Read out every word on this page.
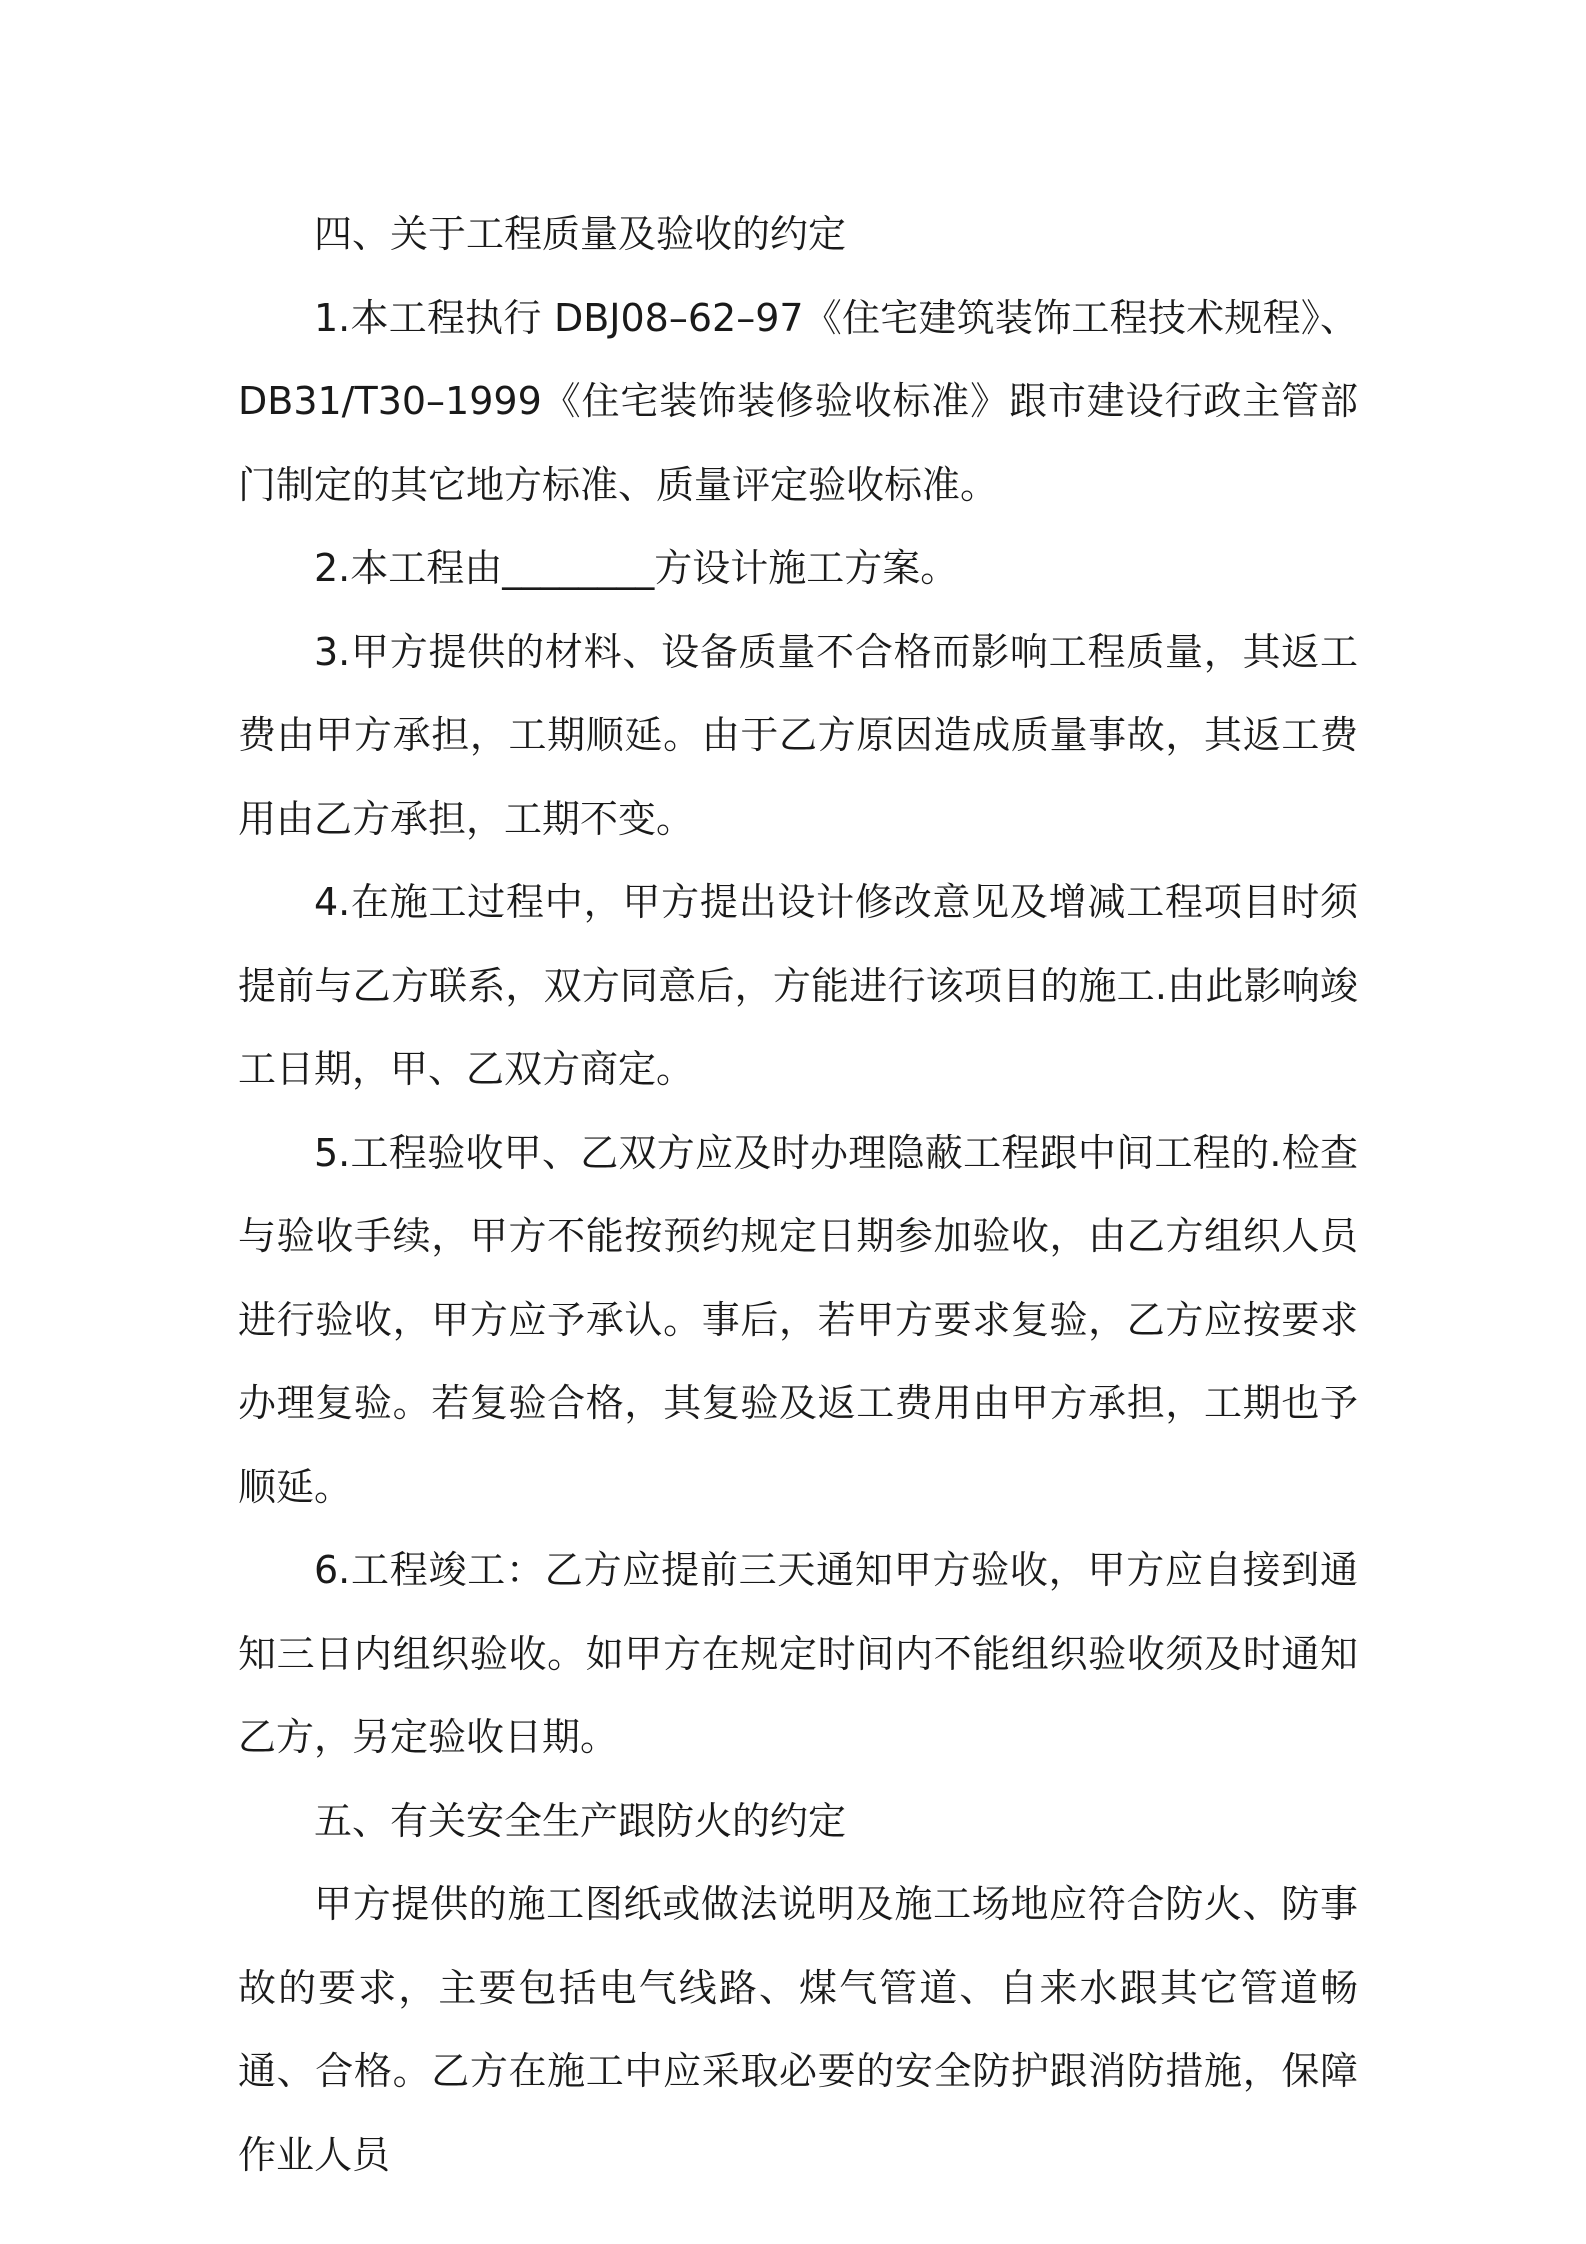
四、关于工程质量及验收的约定

1.本工程执行 DBJ08–62–97《住宅建筑装饰工程技术规程》、DB31/T30–1999《住宅装饰装修验收标准》跟市建设行政主管部门制定的其它地方标准、质量评定验收标准。

2.本工程由________方设计施工方案。

3.甲方提供的材料、设备质量不合格而影响工程质量，其返工费由甲方承担，工期顺延。由于乙方原因造成质量事故，其返工费用由乙方承担，工期不变。

4.在施工过程中，甲方提出设计修改意见及增减工程项目时须提前与乙方联系，双方同意后，方能进行该项目的施工.由此影响竣工日期，甲、乙双方商定。

5.工程验收甲、乙双方应及时办理隐蔽工程跟中间工程的.检查与验收手续，甲方不能按预约规定日期参加验收，由乙方组织人员进行验收，甲方应予承认。事后，若甲方要求复验，乙方应按要求办理复验。若复验合格，其复验及返工费用由甲方承担，工期也予顺延。

6.工程竣工：乙方应提前三天通知甲方验收，甲方应自接到通知三日内组织验收。如甲方在规定时间内不能组织验收须及时通知乙方，另定验收日期。

五、有关安全生产跟防火的约定

甲方提供的施工图纸或做法说明及施工场地应符合防火、防事故的要求，主要包括电气线路、煤气管道、自来水跟其它管道畅通、合格。乙方在施工中应采取必要的安全防护跟消防措施，保障作业人员
